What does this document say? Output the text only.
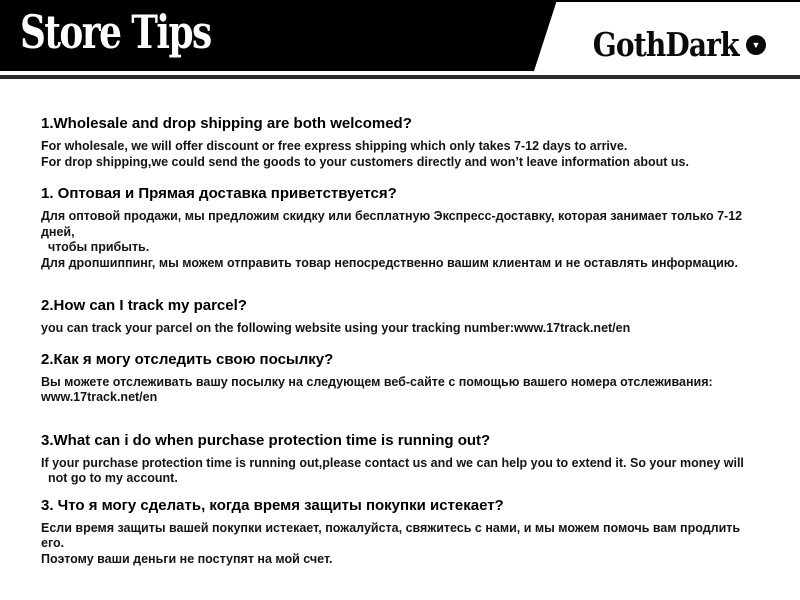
Store Tips	GothDark	▼
1.Wholesale and drop shipping are both welcomed?

For wholesale, we will offer discount or free express shipping which only takes 7-12 days to arrive.

For drop shipping,we could send the goods to your customers directly and won’t leave information about us.

1. Оптовая и Прямая доставка приветствуется?

Для оптовой продажи, мы предложим скидку или бесплатную Экспресс-доставку, которая занимает только 7-12 дней,

чтобы прибыть.

Для дропшиппинг, мы можем отправить товар непосредственно вашим клиентам и не оставлять информацию.

2.How can I track my parcel?

you can track your parcel on the following website using your tracking number:www.17track.net/en

2.Как я могу отследить свою посылку?

Вы можете отслеживать вашу посылку на следующем веб-сайте с помощью вашего номера отслеживания: www.17track.net/en

3.What can i do when purchase protection time is running out?

If your purchase protection time is running out,please contact us and we can help you to extend it. So your money will

not go to my account.

3. Что я могу сделать, когда время защиты покупки истекает?

Если время защиты вашей покупки истекает, пожалуйста, свяжитесь с нами, и мы можем помочь вам продлить его.

Поэтому ваши деньги не поступят на мой счет.
